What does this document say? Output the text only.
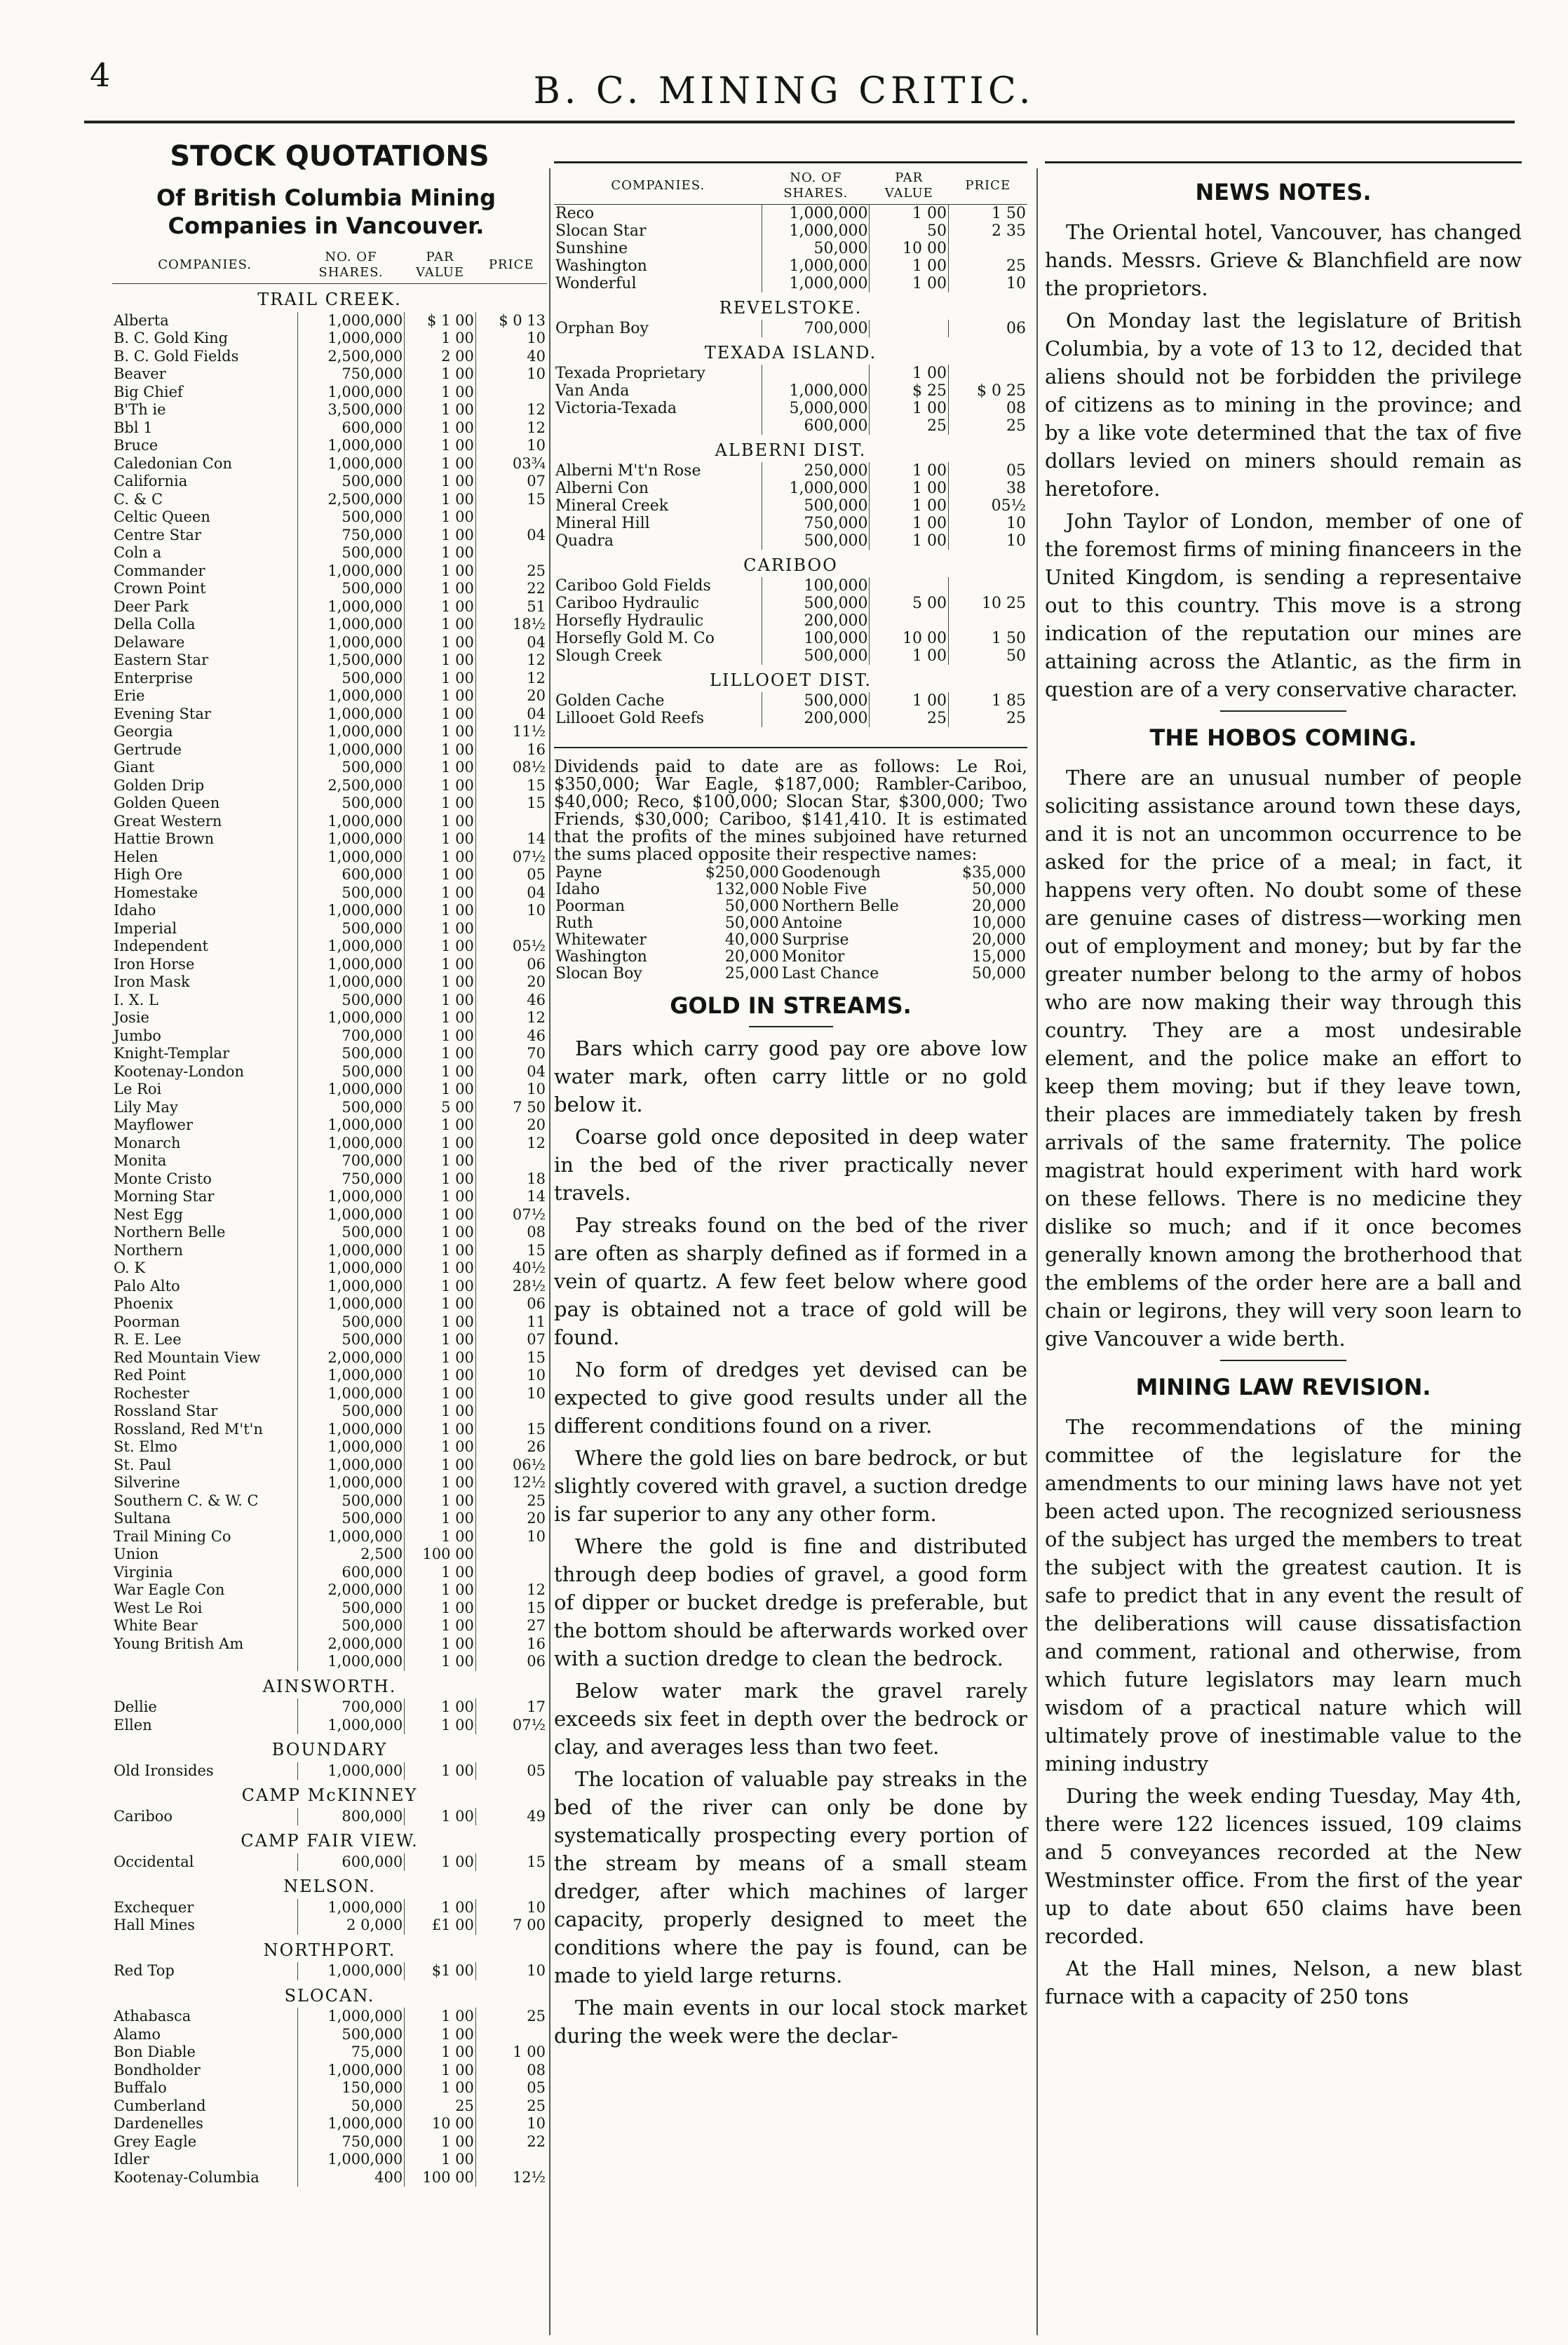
4	B. C. MINING CRITIC.
STOCK QUOTATIONS
Of British Columbia Mining Companies in Vancouver.
COMPANIES.	NO. OF SHARES.	PAR VALUE	PRICE
TRAIL CREEK.			
Alberta	1,000,000	$ 1 00	$ 0 13
B. C. Gold King	1,000,000	1 00	10
B. C. Gold Fields	2,500,000	2 00	40
Beaver	750,000	1 00	10
Big Chief	1,000,000	1 00	
B'Th ie	3,500,000	1 00	12
Bbl 1	600,000	1 00	12
Bruce	1,000,000	1 00	10
Caledonian Con	1,000,000	1 00	03¾
California	500,000	1 00	07
C. & C	2,500,000	1 00	15
Celtic Queen	500,000	1 00	
Centre Star	750,000	1 00	04
Coln a	500,000	1 00	
Commander	1,000,000	1 00	25
Crown Point	500,000	1 00	22
Deer Park	1,000,000	1 00	51
Della Colla	1,000,000	1 00	18½
Delaware	1,000,000	1 00	04
Eastern Star	1,500,000	1 00	12
Enterprise	500,000	1 00	12
Erie	1,000,000	1 00	20
Evening Star	1,000,000	1 00	04
Georgia	1,000,000	1 00	11½
Gertrude	1,000,000	1 00	16
Giant	500,000	1 00	08½
Golden Drip	2,500,000	1 00	15
Golden Queen	500,000	1 00	15
Great Western	1,000,000	1 00	
Hattie Brown	1,000,000	1 00	14
Helen	1,000,000	1 00	07½
High Ore	600,000	1 00	05
Homestake	500,000	1 00	04
Idaho	1,000,000	1 00	10
Imperial	500,000	1 00	
Independent	1,000,000	1 00	05½
Iron Horse	1,000,000	1 00	06
Iron Mask	1,000,000	1 00	20
I. X. L	500,000	1 00	46
Josie	1,000,000	1 00	12
Jumbo	700,000	1 00	46
Knight-Templar	500,000	1 00	70
Kootenay-London	500,000	1 00	04
Le Roi	1,000,000	1 00	10
Lily May	500,000	5 00	7 50
Mayflower	1,000,000	1 00	20
Monarch	1,000,000	1 00	12
Monita	700,000	1 00	
Monte Cristo	750,000	1 00	18
Morning Star	1,000,000	1 00	14
Nest Egg	1,000,000	1 00	07½
Northern Belle	500,000	1 00	08
Northern	1,000,000	1 00	15
O. K	1,000,000	1 00	40½
Palo Alto	1,000,000	1 00	28½
Phoenix	1,000,000	1 00	06
Poorman	500,000	1 00	11
R. E. Lee	500,000	1 00	07
Red Mountain View	2,000,000	1 00	15
Red Point	1,000,000	1 00	10
Rochester	1,000,000	1 00	10
Rossland Star	500,000	1 00	
Rossland, Red M't'n	1,000,000	1 00	15
St. Elmo	1,000,000	1 00	26
St. Paul	1,000,000	1 00	06½
Silverine	1,000,000	1 00	12½
Southern C. & W. C	500,000	1 00	25
Sultana	500,000	1 00	20
Trail Mining Co	1,000,000	1 00	10
Union	2,500	100 00	
Virginia	600,000	1 00	
War Eagle Con	2,000,000	1 00	12
West Le Roi	500,000	1 00	15
White Bear	500,000	1 00	27
Young British Am	2,000,000	1 00	16
	1,000,000	1 00	06
AINSWORTH.			
Dellie	700,000	1 00	17
Ellen	1,000,000	1 00	07½
BOUNDARY			
Old Ironsides	1,000,000	1 00	05
CAMP McKINNEY			
Cariboo	800,000	1 00	49
CAMP FAIR VIEW.			
Occidental	600,000	1 00	15
NELSON.			
Exchequer	1,000,000	1 00	10
Hall Mines	2 0,000	£1 00	7 00
NORTHPORT.			
Red Top	1,000,000	$1 00	10
SLOCAN.			
Athabasca	1,000,000	1 00	25
Alamo	500,000	1 00	
Bon Diable	75,000	1 00	1 00
Bondholder	1,000,000	1 00	08
Buffalo	150,000	1 00	05
Cumberland	50,000	25	25
Dardenelles	1,000,000	10 00	10
Grey Eagle	750,000	1 00	22
Idler	1,000,000	1 00	
Kootenay-Columbia	400	100 00	12½
COMPANIES.	NO. OF SHARES.	PAR VALUE	PRICE
Reco	1,000,000	1 00	1 50
Slocan Star	1,000,000	50	2 35
Sunshine	50,000	10 00	
Washington	1,000,000	1 00	25
Wonderful	1,000,000	1 00	10
REVELSTOKE.			
Orphan Boy	700,000		06
TEXADA ISLAND.			
Texada Proprietary		1 00	
Van Anda	1,000,000	$ 25	$ 0 25
Victoria-Texada	5,000,000	1 00	08
	600,000	25	25
ALBERNI DIST.			
Alberni M't'n Rose	250,000	1 00	05
Alberni Con	1,000,000	1 00	38
Mineral Creek	500,000	1 00	05½
Mineral Hill	750,000	1 00	10
Quadra	500,000	1 00	10
CARIBOO			
Cariboo Gold Fields	100,000		
Cariboo Hydraulic	500,000	5 00	10 25
Horsefly Hydraulic	200,000		
Horsefly Gold M. Co	100,000	10 00	1 50
Slough Creek	500,000	1 00	50
LILLOOET DIST.			
Golden Cache	500,000	1 00	1 85
Lillooet Gold Reefs	200,000	25	25
Dividends paid to date are as follows: Le Roi, $350,000; War Eagle, $187,000; Rambler-Cariboo, $40,000; Reco, $100,000; Slocan Star, $300,000; Two Friends, $30,000; Cariboo, $141,410. It is estimated that the profits of the mines subjoined have returned the sums placed opposite their respective names:
Payne	$250,000	Goodenough	$35,000
Idaho	132,000	Noble Five	50,000
Poorman	50,000	Northern Belle	20,000
Ruth	50,000	Antoine	10,000
Whitewater	40,000	Surprise	20,000
Washington	20,000	Monitor	15,000
Slocan Boy	25,000	Last Chance	50,000
GOLD IN STREAMS.

Bars which carry good pay ore above low water mark, often carry little or no gold below it.

Coarse gold once deposited in deep water in the bed of the river practically never travels.

Pay streaks found on the bed of the river are often as sharply defined as if formed in a vein of quartz. A few feet below where good pay is obtained not a trace of gold will be found.

No form of dredges yet devised can be expected to give good results under all the different conditions found on a river.

Where the gold lies on bare bedrock, or but slightly covered with gravel, a suction dredge is far superior to any any other form.

Where the gold is fine and distributed through deep bodies of gravel, a good form of dipper or bucket dredge is preferable, but the bottom should be afterwards worked over with a suction dredge to clean the bedrock.

Below water mark the gravel rarely exceeds six feet in depth over the bedrock or clay, and averages less than two feet.

The location of valuable pay streaks in the bed of the river can only be done by systematically prospecting every portion of the stream by means of a small steam dredger, after which machines of larger capacity, properly designed to meet the conditions where the pay is found, can be made to yield large returns.

The main events in our local stock market during the week were the declar-

NEWS NOTES.

The Oriental hotel, Vancouver, has changed hands. Messrs. Grieve & Blanchfield are now the proprietors.

On Monday last the legislature of British Columbia, by a vote of 13 to 12, decided that aliens should not be forbidden the privilege of citizens as to mining in the province; and by a like vote determined that the tax of five dollars levied on miners should remain as heretofore.

John Taylor of London, member of one of the foremost firms of mining financeers in the United Kingdom, is sending a representaive out to this country. This move is a strong indication of the reputation our mines are attaining across the Atlantic, as the firm in question are of a very conservative character.

THE HOBOS COMING.

There are an unusual number of people soliciting assistance around town these days, and it is not an uncommon occurrence to be asked for the price of a meal; in fact, it happens very often. No doubt some of these are genuine cases of distress—working men out of employment and money; but by far the greater number belong to the army of hobos who are now making their way through this country. They are a most undesirable element, and the police make an effort to keep them moving; but if they leave town, their places are immediately taken by fresh arrivals of the same fraternity. The police magistrat hould experiment with hard work on these fellows. There is no medicine they dislike so much; and if it once becomes generally known among the brotherhood that the emblems of the order here are a ball and chain or legirons, they will very soon learn to give Vancouver a wide berth.

MINING LAW REVISION.

The recommendations of the mining committee of the legislature for the amendments to our mining laws have not yet been acted upon. The recognized seriousness of the subject has urged the members to treat the subject with the greatest caution. It is safe to predict that in any event the result of the deliberations will cause dissatisfaction and comment, rational and otherwise, from which future legislators may learn much wisdom of a practical nature which will ultimately prove of inestimable value to the mining industry

During the week ending Tuesday, May 4th, there were 122 licences issued, 109 claims and 5 conveyances recorded at the New Westminster office. From the first of the year up to date about 650 claims have been recorded.

At the Hall mines, Nelson, a new blast furnace with a capacity of 250 tons
